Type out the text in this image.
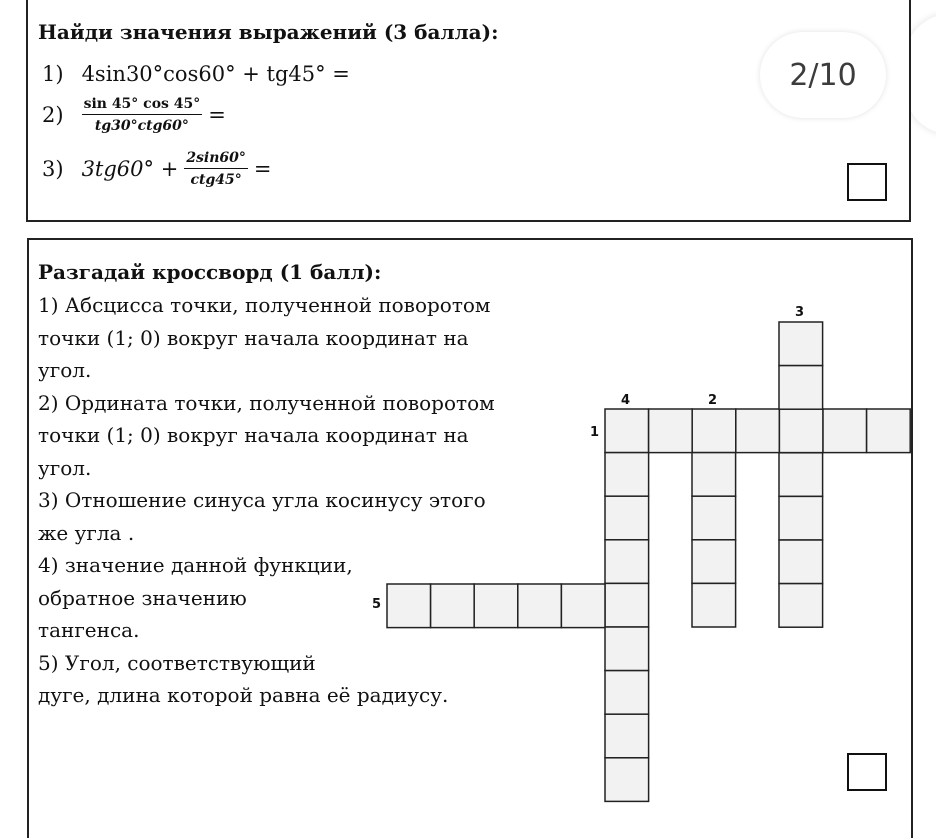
Найди значения выражений (3 балла):
1) 4sin30°cos60° + tg45° =
$2) \frac{\sin 45^\circ \cos 45^\circ}{\text{tg30°ctg60°}}$ =
3) $3tg60^\circ + \frac{2\sin 60^\circ}{\text{ctg45°}}$ =
2/10
Разгадай кроссворд (1 балл):
1) Абсцисса точки, полученной поворотом
точки (1; 0) вокруг начала координат на
угол.
2) Ордината точки, полученной поворотом
точки (1; 0) вокруг начала координат на
угол.
3) Отношение синуса угла косинусу этого
же угла .
4) значение данной функции,
обратное значению
тангенса.
5) Угол, соответствующий
дуге, длина которой равна её радиусу.
1
2
3
4
5
